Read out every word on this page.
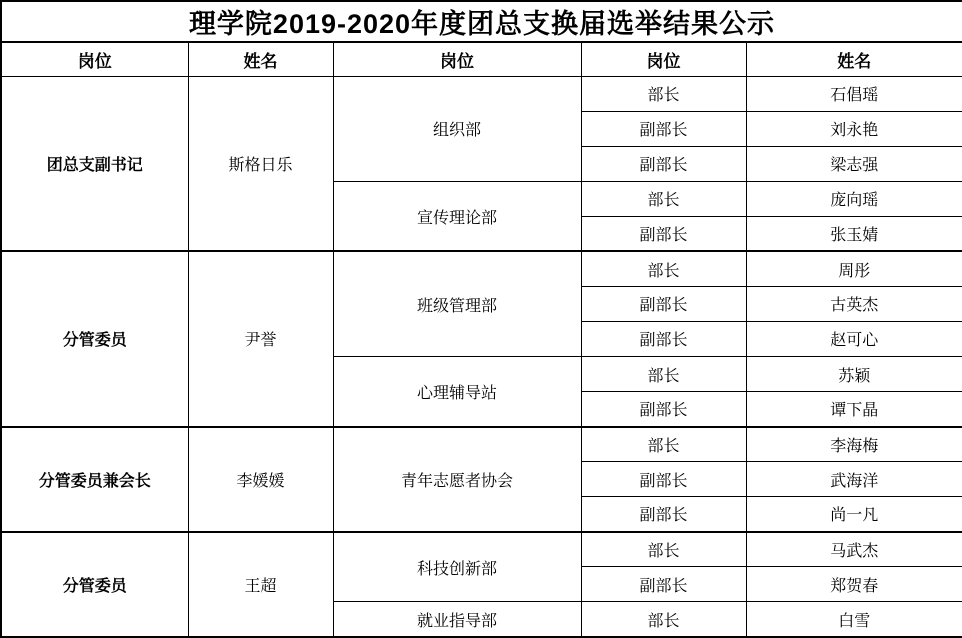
理学院2019-2020年度团总支换届选举结果公示				
岗位	姓名	岗位	岗位	姓名
团总支副书记	斯格日乐	组织部	部长	石倡瑶
			副部长	刘永艳
			副部长	梁志强
		宣传理论部	部长	庞向瑶
			副部长	张玉婧
分管委员	尹誉	班级管理部	部长	周彤
			副部长	古英杰
			副部长	赵可心
		心理辅导站	部长	苏颖
			副部长	谭下晶
分管委员兼会长	李媛媛	青年志愿者协会	部长	李海梅
			副部长	武海洋
			副部长	尚一凡
分管委员	王超	科技创新部	部长	马武杰
			副部长	郑贺春
		就业指导部	部长	白雪
